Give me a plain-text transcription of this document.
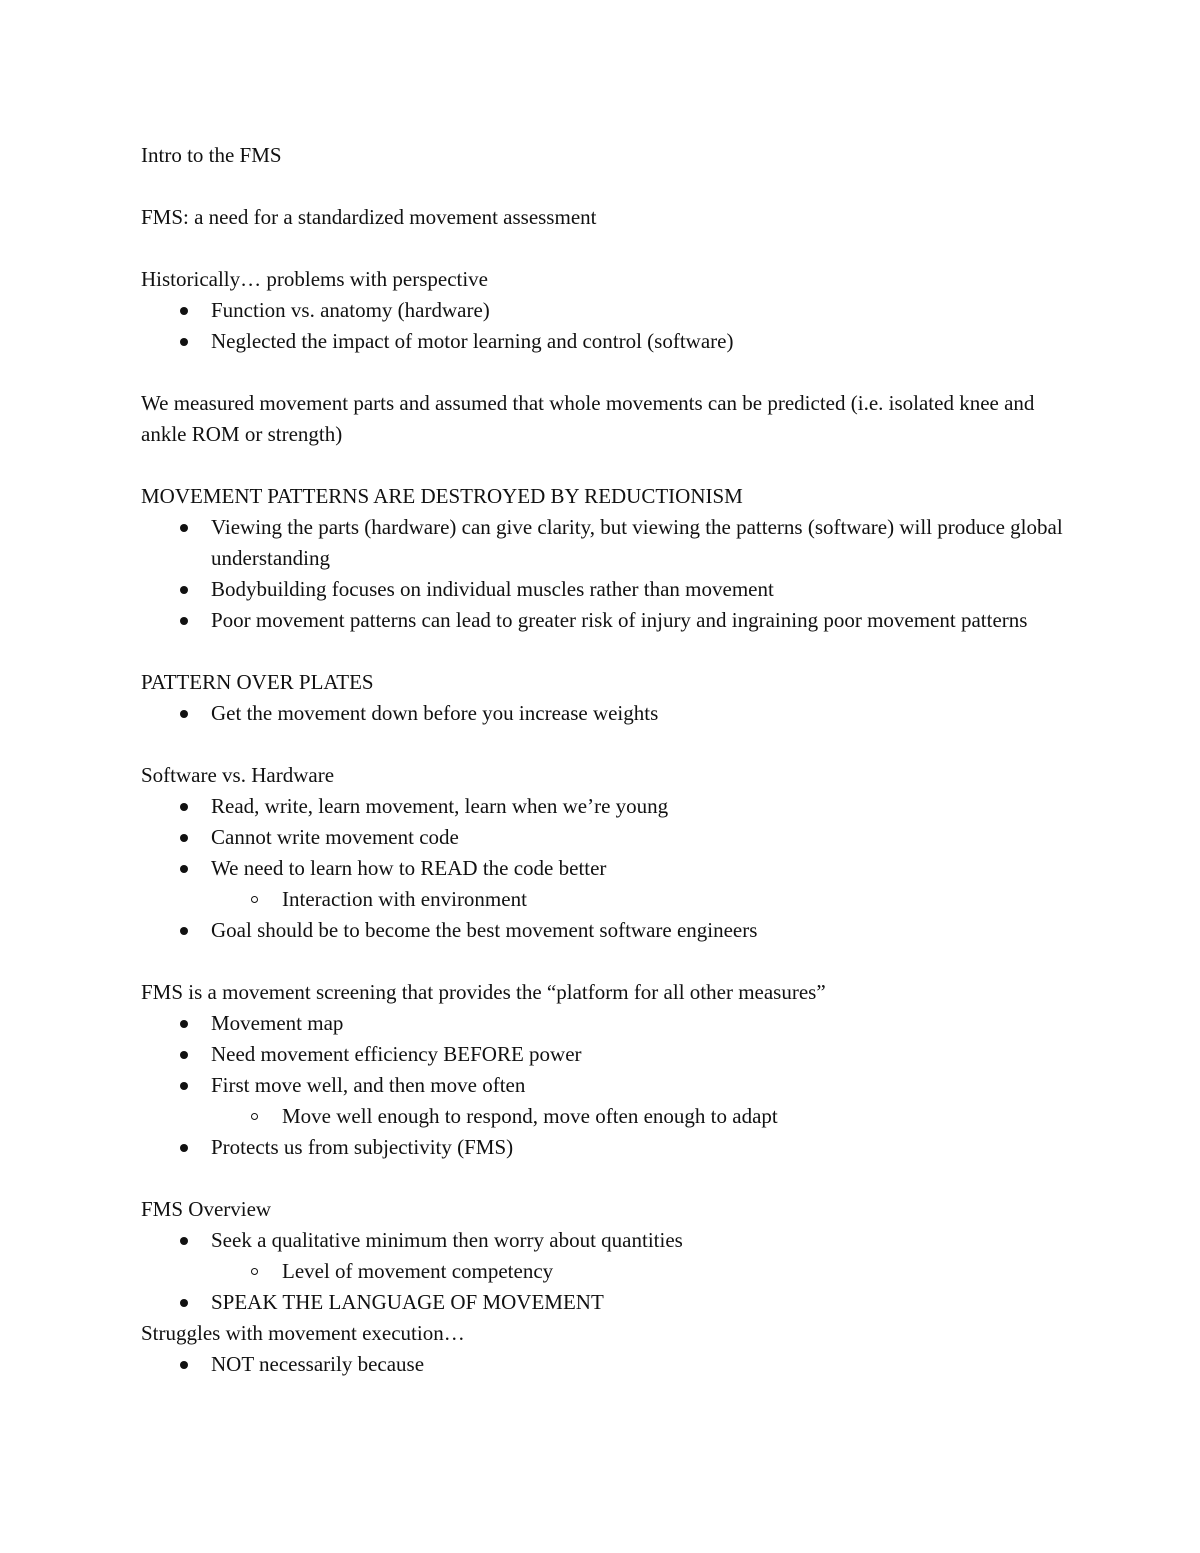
Intro to the FMS

FMS: a need for a standardized movement assessment

Historically… problems with perspective

Function vs. anatomy (hardware)
Neglected the impact of motor learning and control (software)

We measured movement parts and assumed that whole movements can be predicted (i.e. isolated knee and ankle ROM or strength)

MOVEMENT PATTERNS ARE DESTROYED BY REDUCTIONISM

Viewing the parts (hardware) can give clarity, but viewing the patterns (software) will produce global understanding
Bodybuilding focuses on individual muscles rather than movement
Poor movement patterns can lead to greater risk of injury and ingraining poor movement patterns

PATTERN OVER PLATES

Get the movement down before you increase weights

Software vs. Hardware

Read, write, learn movement, learn when we’re young
Cannot write movement code
We need to learn how to READ the code better
Interaction with environment
Goal should be to become the best movement software engineers

FMS is a movement screening that provides the “platform for all other measures”

Movement map
Need movement efficiency BEFORE power
First move well, and then move often
Move well enough to respond, move often enough to adapt
Protects us from subjectivity (FMS)

FMS Overview

Seek a qualitative minimum then worry about quantities
Level of movement competency
SPEAK THE LANGUAGE OF MOVEMENT

Struggles with movement execution…

NOT necessarily because
